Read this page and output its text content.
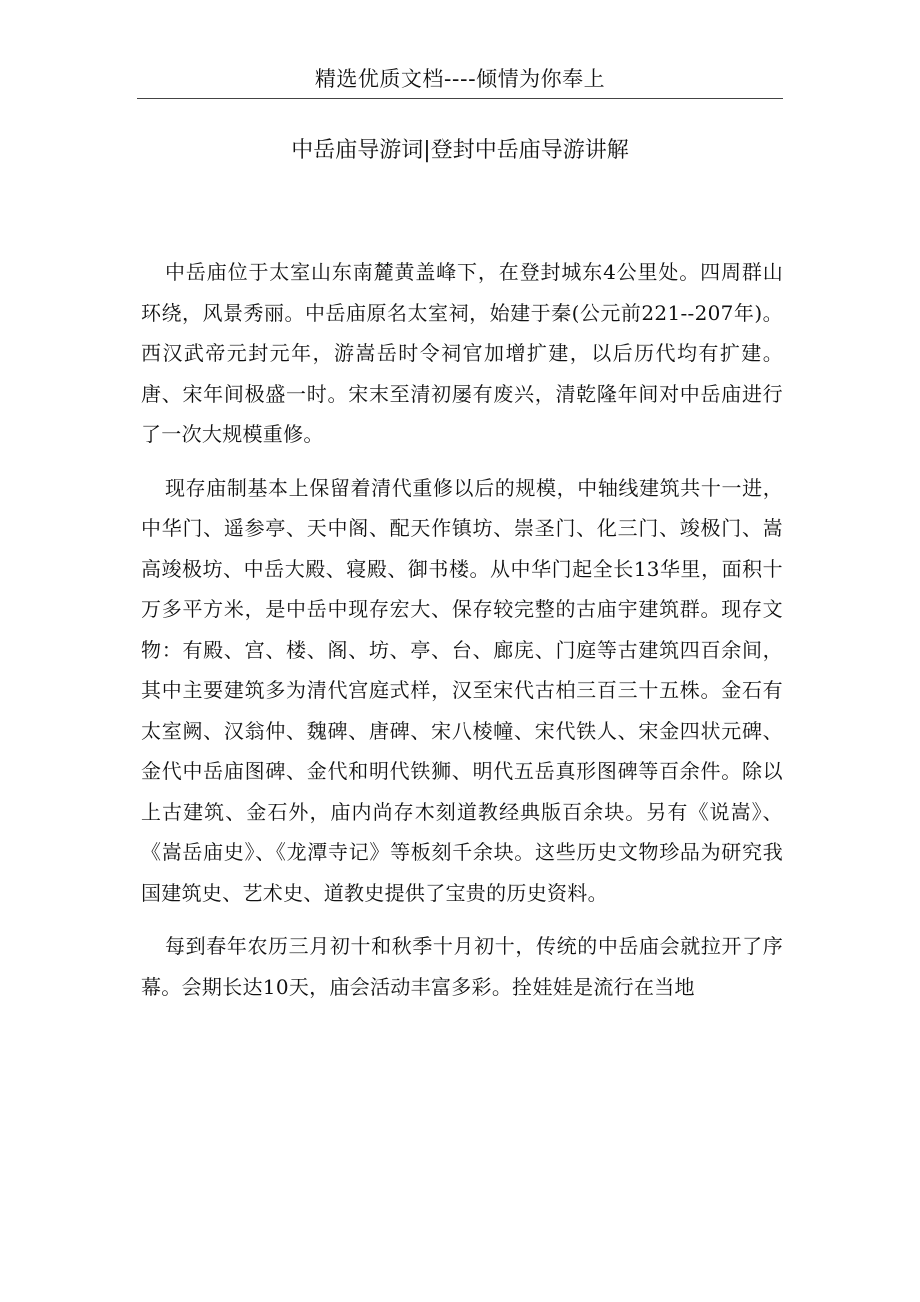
精选优质文档----倾情为你奉上
中岳庙导游词|登封中岳庙导游讲解

中岳庙位于太室山东南麓黄盖峰下，在登封城东4公里处。四周群山环绕，风景秀丽。中岳庙原名太室祠，始建于秦(公元前221--207年)。西汉武帝元封元年，游嵩岳时令祠官加增扩建，以后历代均有扩建。唐、宋年间极盛一时。宋末至清初屡有废兴，清乾隆年间对中岳庙进行了一次大规模重修。

现存庙制基本上保留着清代重修以后的规模，中轴线建筑共十一进，中华门、遥参亭、天中阁、配天作镇坊、崇圣门、化三门、竣极门、嵩高竣极坊、中岳大殿、寝殿、御书楼。从中华门起全长13华里，面积十万多平方米，是中岳中现存宏大、保存较完整的古庙宇建筑群。现存文物：有殿、宫、楼、阁、坊、亭、台、廊庑、门庭等古建筑四百余间，其中主要建筑多为清代宫庭式样，汉至宋代古柏三百三十五株。金石有太室阙、汉翁仲、魏碑、唐碑、宋八棱幢、宋代铁人、宋金四状元碑、金代中岳庙图碑、金代和明代铁狮、明代五岳真形图碑等百余件。除以上古建筑、金石外，庙内尚存木刻道教经典版百余块。另有《说嵩》、《嵩岳庙史》、《龙潭寺记》等板刻千余块。这些历史文物珍品为研究我国建筑史、艺术史、道教史提供了宝贵的历史资料。

每到春年农历三月初十和秋季十月初十，传统的中岳庙会就拉开了序幕。会期长达10天，庙会活动丰富多彩。拴娃娃是流行在当地
